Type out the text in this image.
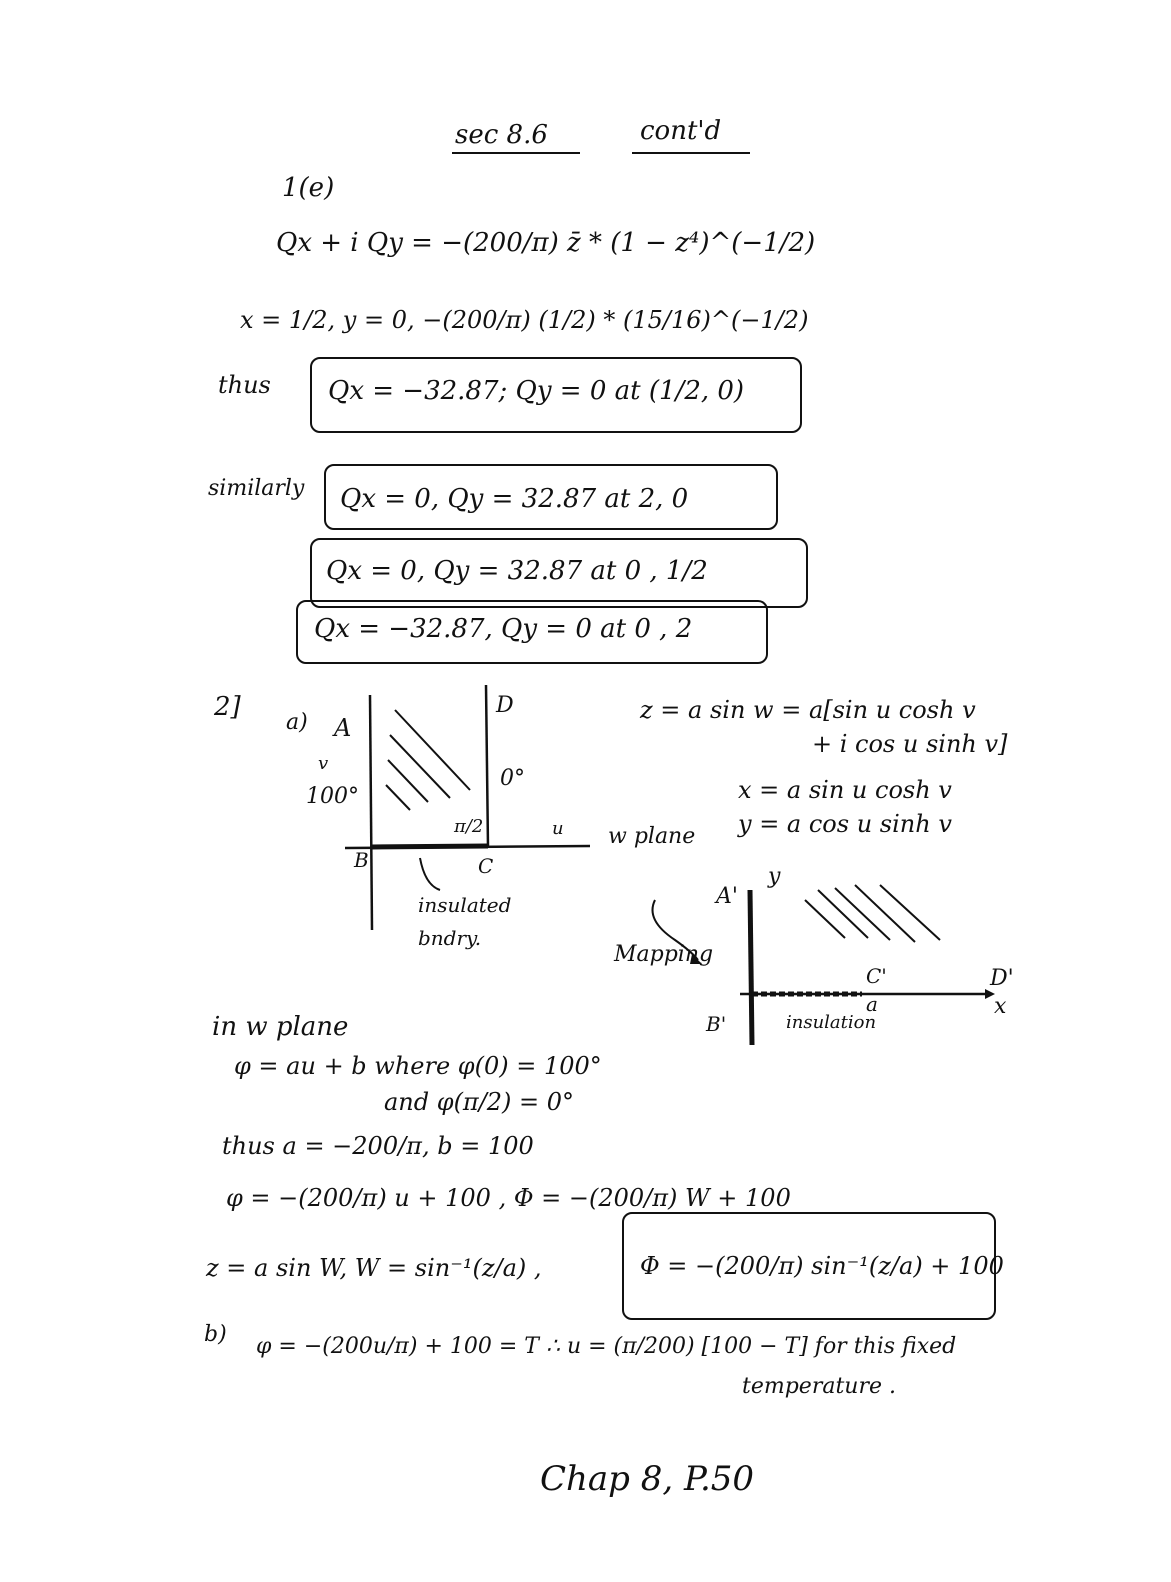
sec 8.6	cont'd
1(e)
Qx + i Qy = −(200/π) z̄ * (1 − z⁴)^(−1/2)
x = 1/2, y = 0, −(200/π) (1/2) * (15/16)^(−1/2)
thus Qx = −32.87; Qy = 0 at (1/2, 0)
similarly Qx = 0, Qy = 32.87 at 2, 0
Qx = 0, Qy = 32.87 at 0 , 1/2
Qx = −32.87, Qy = 0 at 0 , 2
2]
a) A
v
100°
D
0°
π/2	u w plane
B	C
insulated
bndry.
z = a sin w = a[sin u cosh v
+ i cos u sinh v]
x = a sin u cosh v
y = a cos u sinh v
y
A'
Mapping
C'
a
D'
x
B'	insulation
in w plane
φ = au + b where φ(0) = 100°
and φ(π/2) = 0°
thus a = −200/π, b = 100
φ = −(200/π) u + 100 , Φ = −(200/π) W + 100
z = a sin W, W = sin⁻¹(z/a) ,	Φ = −(200/π) sin⁻¹(z/a) + 100
b) φ = −(200u/π) + 100 = T ∴ u = (π/200) [100 − T] for this fixed
temperature .
Chap 8, P.50
